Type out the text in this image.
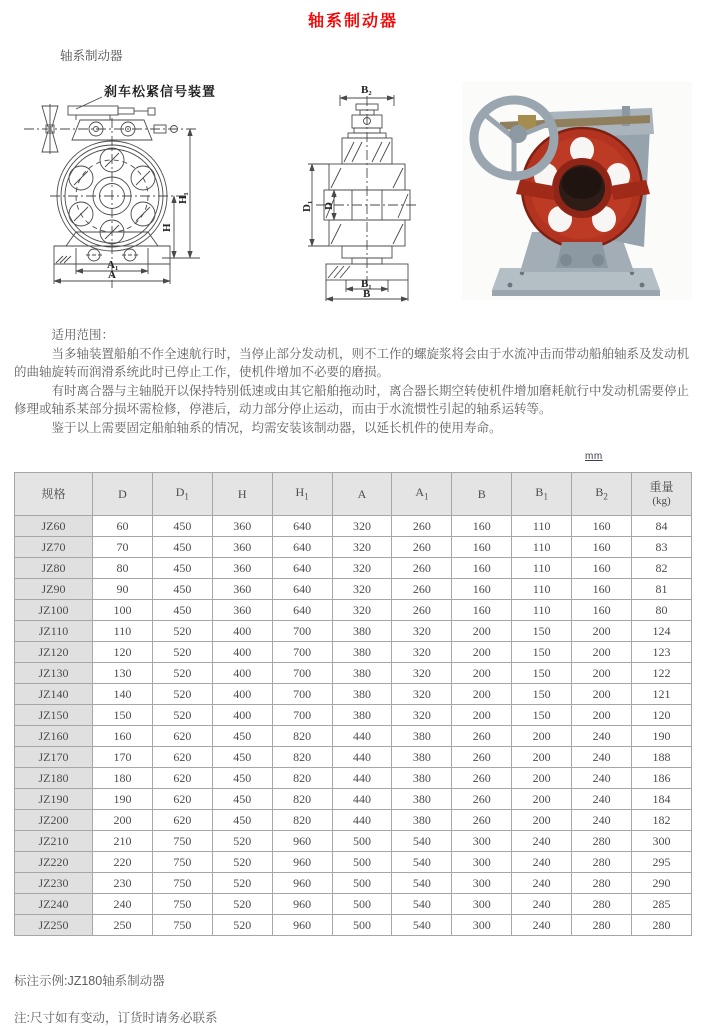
轴系制动器
轴系制动器
刹车松紧信号装置
H
H₁
A₁
A
B₂
D₁ D
B₁
B

适用范围：

当多轴装置船舶不作全速航行时，当停止部分发动机，则不工作的螺旋浆将会由于水流冲击而带动船舶轴系及发动机的曲轴旋转而润滑系统此时已停止工作，使机件增加不必要的磨损。

有时离合器与主轴脱开以保持特别低速或由其它船舶拖动时，离合器长期空转使机件增加磨耗航行中发动机需要停止修理或轴系某部分损坏需检修，停港后，动力部分停止运动，而由于水流惯性引起的轴系运转等。

鉴于以上需要固定船舶轴系的情况，均需安装该制动器，以延长机件的使用寿命。

mm
规格	D	$D_1$	H	$H_1$	A	$A_1$	B	$B_1$	$B_2$	重量
(kg)

JZ60	60	450	360	640	320	260	160	110	160	84
JZ70	70	450	360	640	320	260	160	110	160	83
JZ80	80	450	360	640	320	260	160	110	160	82
JZ90	90	450	360	640	320	260	160	110	160	81
JZ100	100	450	360	640	320	260	160	110	160	80
JZ110	110	520	400	700	380	320	200	150	200	124
JZ120	120	520	400	700	380	320	200	150	200	123
JZ130	130	520	400	700	380	320	200	150	200	122
JZ140	140	520	400	700	380	320	200	150	200	121
JZ150	150	520	400	700	380	320	200	150	200	120
JZ160	160	620	450	820	440	380	260	200	240	190
JZ170	170	620	450	820	440	380	260	200	240	188
JZ180	180	620	450	820	440	380	260	200	240	186
JZ190	190	620	450	820	440	380	260	200	240	184
JZ200	200	620	450	820	440	380	260	200	240	182
JZ210	210	750	520	960	500	540	300	240	280	300
JZ220	220	750	520	960	500	540	300	240	280	295
JZ230	230	750	520	960	500	540	300	240	280	290
JZ240	240	750	520	960	500	540	300	240	280	285
JZ250	250	750	520	960	500	540	300	240	280	280

标注示例:JZ180轴系制动器

注:尺寸如有变动，订货时请务必联系
